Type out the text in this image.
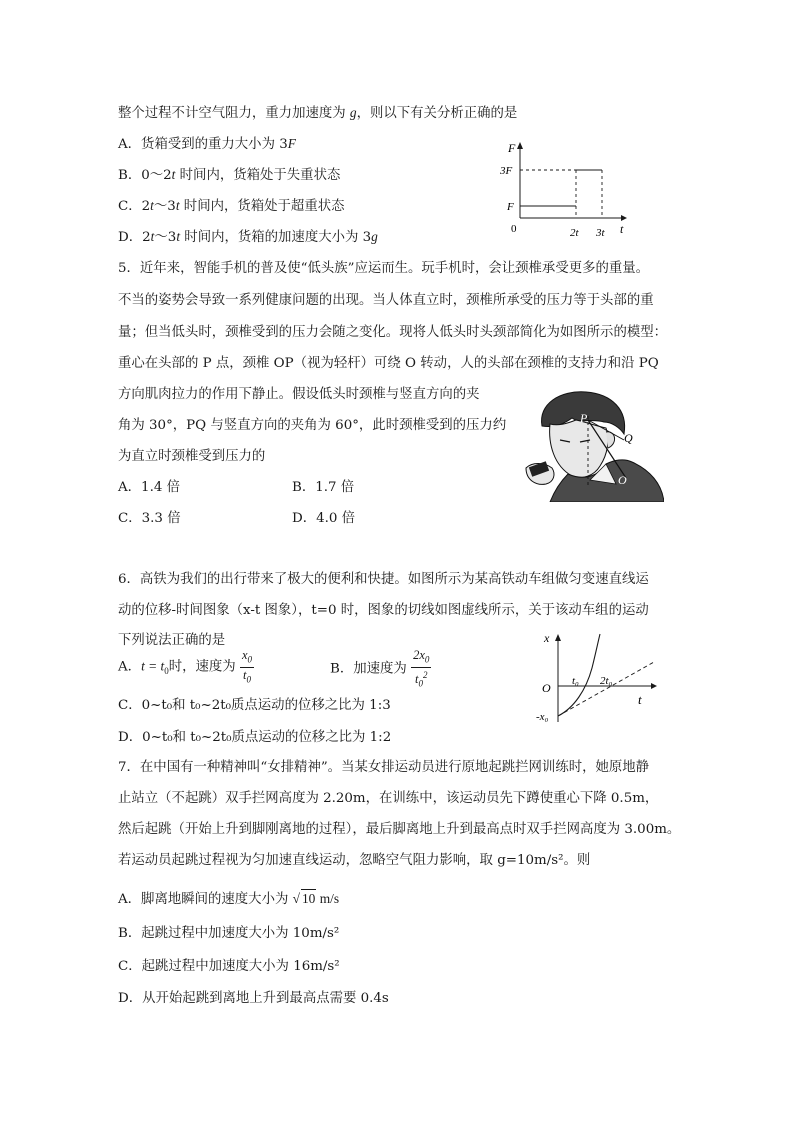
整个过程不计空气阻力，重力加速度为 g，则以下有关分析正确的是
A．货箱受到的重力大小为 3F
B．0～2t 时间内，货箱处于失重状态
C．2t～3t 时间内，货箱处于超重状态
D．2t～3t 时间内，货箱的加速度大小为 3g
F
t
3F
F
0	2t 3t
5．近年来，智能手机的普及使“低头族”应运而生。玩手机时，会让颈椎承受更多的重量。
不当的姿势会导致一系列健康问题的出现。当人体直立时，颈椎所承受的压力等于头部的重
量；但当低头时，颈椎受到的压力会随之变化。现将人低头时头颈部简化为如图所示的模型：
重心在头部的 P 点，颈椎 OP（视为轻杆）可绕 O 转动，人的头部在颈椎的支持力和沿 PQ
方向肌肉拉力的作用下静止。假设低头时颈椎与竖直方向的夹
角为 30°，PQ 与竖直方向的夹角为 60°，此时颈椎受到的压力约
为直立时颈椎受到压力的
A．1.4 倍	B．1.7 倍
C．3.3 倍	D．4.0 倍
P
Q
O
6．高铁为我们的出行带来了极大的便利和快捷。如图所示为某高铁动车组做匀变速直线运
动的位移-时间图象（x-t 图象），t=0 时，图象的切线如图虚线所示，关于该动车组的运动
下列说法正确的是
A．$t = t_0$时，速度为 $\frac{x_0}{t_0}$	B．加速度为 $\frac{2x_0}{t_0^2}$
C．0~t₀和 t₀~2t₀质点运动的位移之比为 1:3
D．0~t₀和 t₀~2t₀质点运动的位移之比为 1:2
x
t
O t₀ 2t₀
-x₀
7．在中国有一种精神叫“女排精神”。当某女排运动员进行原地起跳拦网训练时，她原地静
止站立（不起跳）双手拦网高度为 2.20m，在训练中，该运动员先下蹲使重心下降 0.5m，
然后起跳（开始上升到脚刚离地的过程），最后脚离地上升到最高点时双手拦网高度为 3.00m。
若运动员起跳过程视为匀加速直线运动，忽略空气阻力影响，取 g=10m/s²。则
A．脚离地瞬间的速度大小为 √ 10 m/s
B．起跳过程中加速度大小为 10m/s²
C．起跳过程中加速度大小为 16m/s²
D．从开始起跳到离地上升到最高点需要 0.4s
